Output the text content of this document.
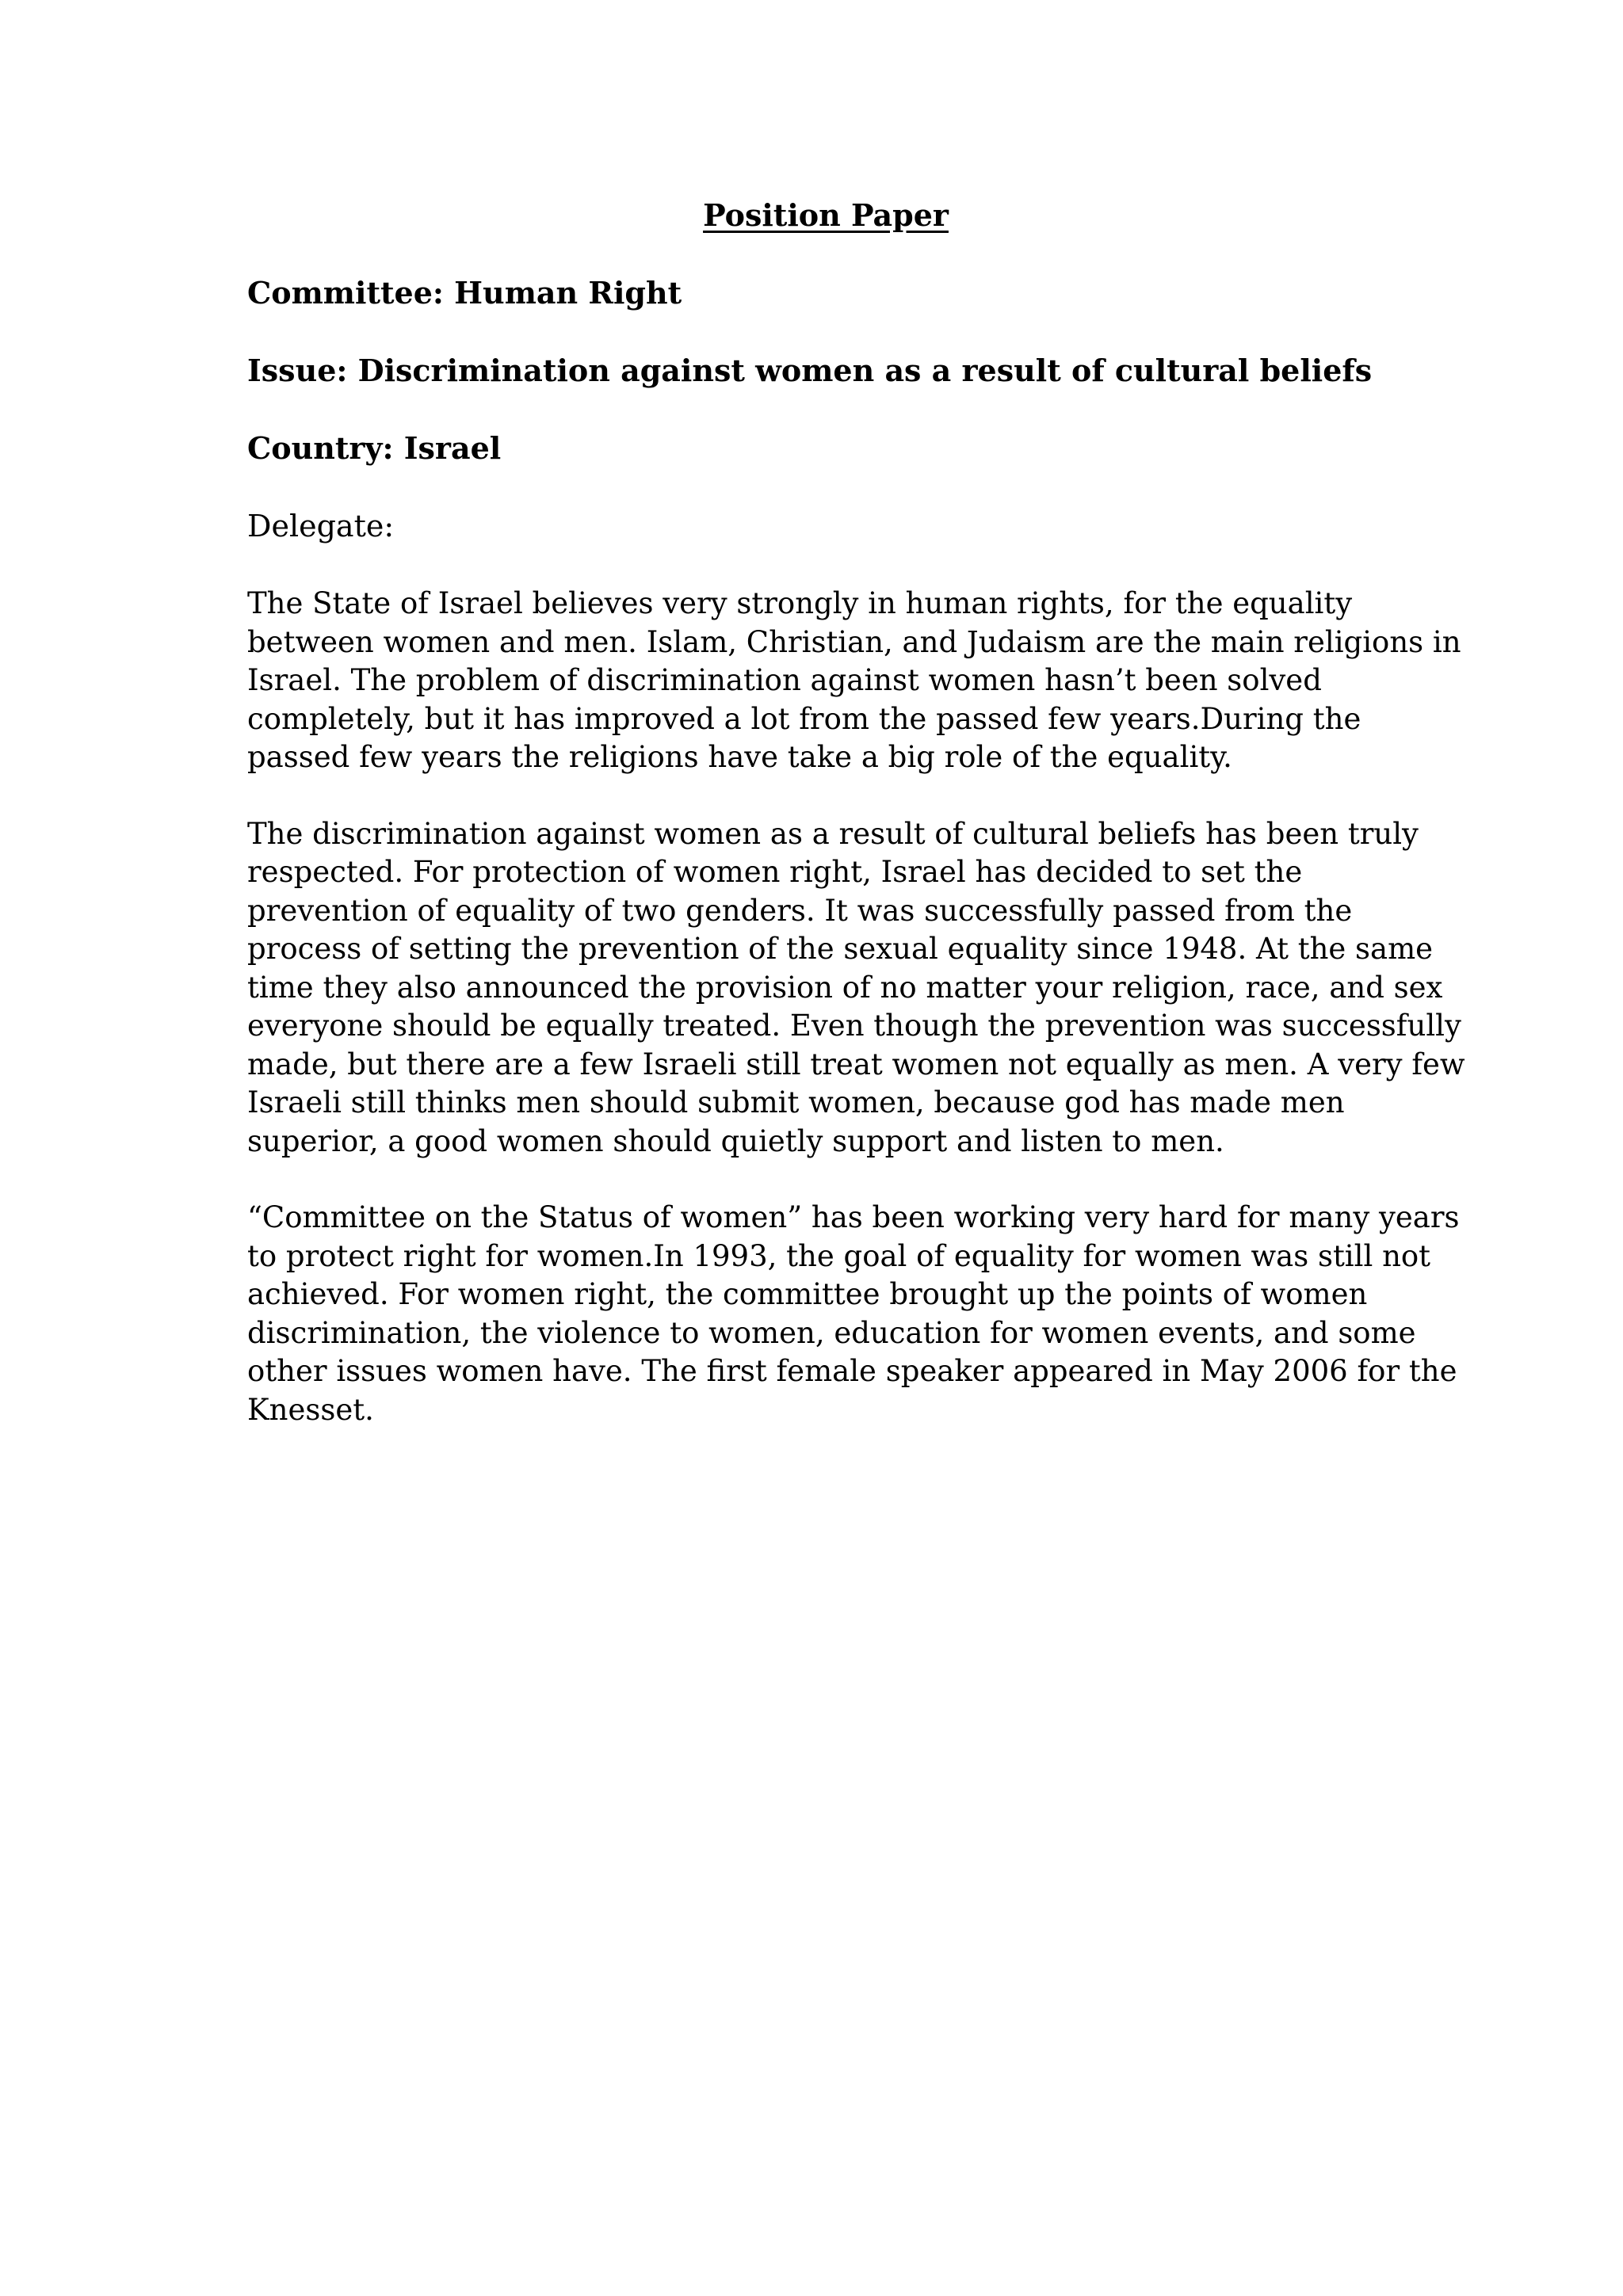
Position Paper
Committee: Human Right
Issue: Discrimination against women as a result of cultural beliefs
Country: Israel
Delegate:
The State of Israel believes very strongly in human rights, for the equality
between women and men. Islam, Christian, and Judaism are the main religions in
Israel. The problem of discrimination against women hasn’t been solved
completely, but it has improved a lot from the passed few years.During the
passed few years the religions have take a big role of the equality.
The discrimination against women as a result of cultural beliefs has been truly
respected. For protection of women right, Israel has decided to set the
prevention of equality of two genders. It was successfully passed from the
process of setting the prevention of the sexual equality since 1948. At the same
time they also announced the provision of no matter your religion, race, and sex
everyone should be equally treated. Even though the prevention was successfully
made, but there are a few Israeli still treat women not equally as men. A very few
Israeli still thinks men should submit women, because god has made men
superior, a good women should quietly support and listen to men.
“Committee on the Status of women” has been working very hard for many years
to protect right for women.In 1993, the goal of equality for women was still not
achieved. For women right, the committee brought up the points of women
discrimination, the violence to women, education for women events, and some
other issues women have. The first female speaker appeared in May 2006 for the
Knesset.
